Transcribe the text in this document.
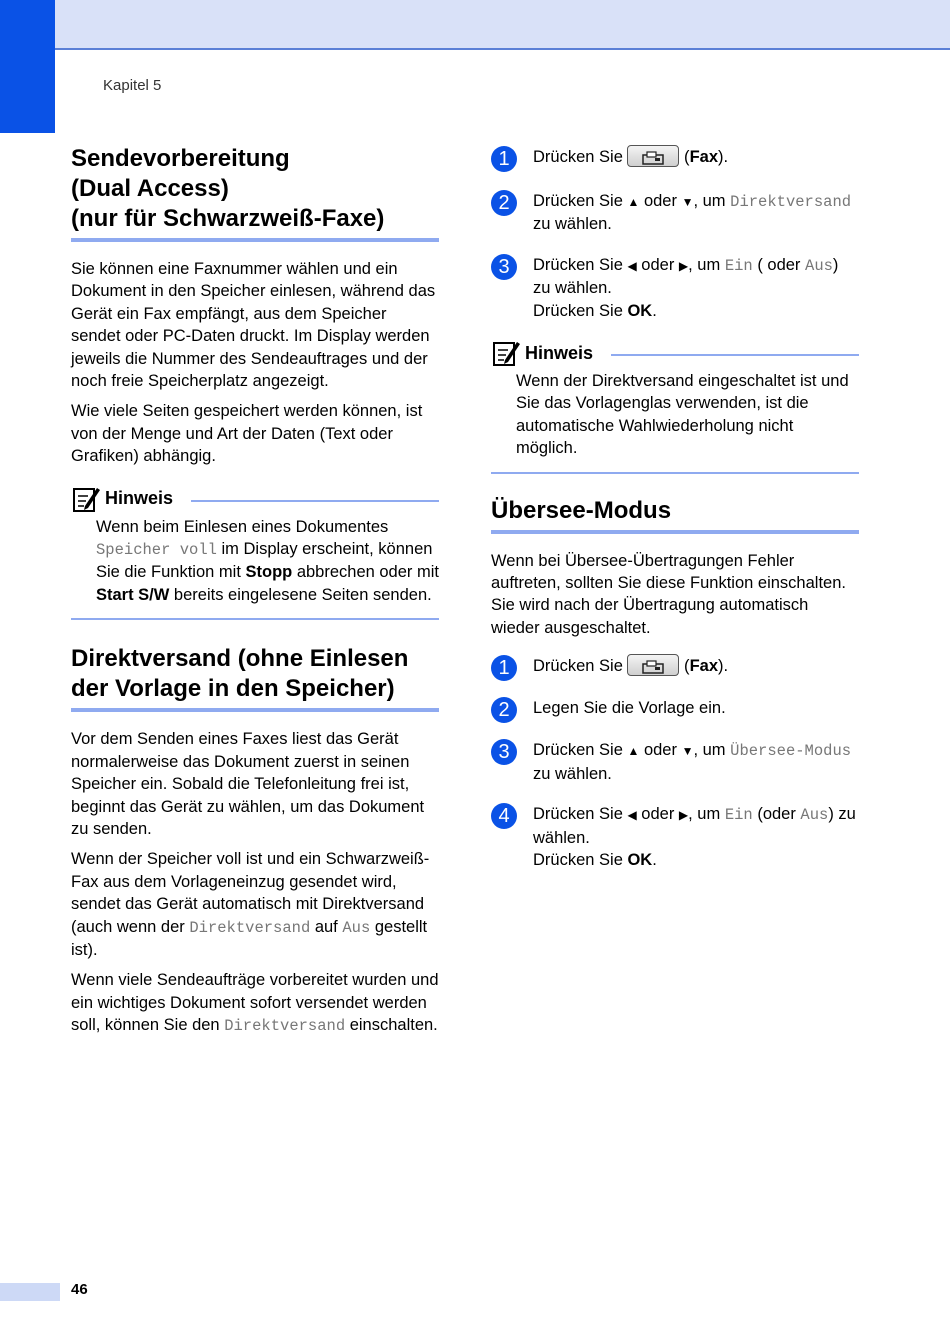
Kapitel 5
Sendevorbereitung
(Dual Access)
(nur für Schwarzweiß-Faxe)

Sie können eine Faxnummer wählen und ein Dokument in den Speicher einlesen, während das Gerät ein Fax empfängt, aus dem Speicher sendet oder PC-Daten druckt. Im Display werden jeweils die Nummer des Sendeauftrages und der noch freie Speicherplatz angezeigt.

Wie viele Seiten gespeichert werden können, ist von der Menge und Art der Daten (Text oder Grafiken) abhängig.

Hinweis

Wenn beim Einlesen eines Dokumentes Speicher voll im Display erscheint, können Sie die Funktion mit Stopp abbrechen oder mit Start S/W bereits eingelesene Seiten senden.

Direktversand (ohne Einlesen
der Vorlage in den Speicher)

Vor dem Senden eines Faxes liest das Gerät normalerweise das Dokument zuerst in seinen Speicher ein. Sobald die Telefonleitung frei ist, beginnt das Gerät zu wählen, um das Dokument zu senden.

Wenn der Speicher voll ist und ein Schwarzweiß-Fax aus dem Vorlageneinzug gesendet wird, sendet das Gerät automatisch mit Direktversand (auch wenn der Direktversand auf Aus gestellt ist).

Wenn viele Sendeaufträge vorbereitet wurden und ein wichtiges Dokument sofort versendet werden soll, können Sie den Direktversand einschalten.

1	Drücken Sie	(Fax).

2	Drücken Sie ▲ oder ▼, um Direktversand zu wählen.

3	Drücken Sie ◀ oder ▶, um Ein ( oder Aus) zu wählen.
Drücken Sie OK.

Hinweis

Wenn der Direktversand eingeschaltet ist und Sie das Vorlagenglas verwenden, ist die automatische Wahlwiederholung nicht möglich.

Übersee-Modus

Wenn bei Übersee-Übertragungen Fehler auftreten, sollten Sie diese Funktion einschalten. Sie wird nach der Übertragung automatisch wieder ausgeschaltet.

1	Drücken Sie	(Fax).

2	Legen Sie die Vorlage ein.

3	Drücken Sie ▲ oder ▼, um Übersee-Modus zu wählen.

4	Drücken Sie ◀ oder ▶, um Ein (oder Aus) zu wählen.
Drücken Sie OK.

46
